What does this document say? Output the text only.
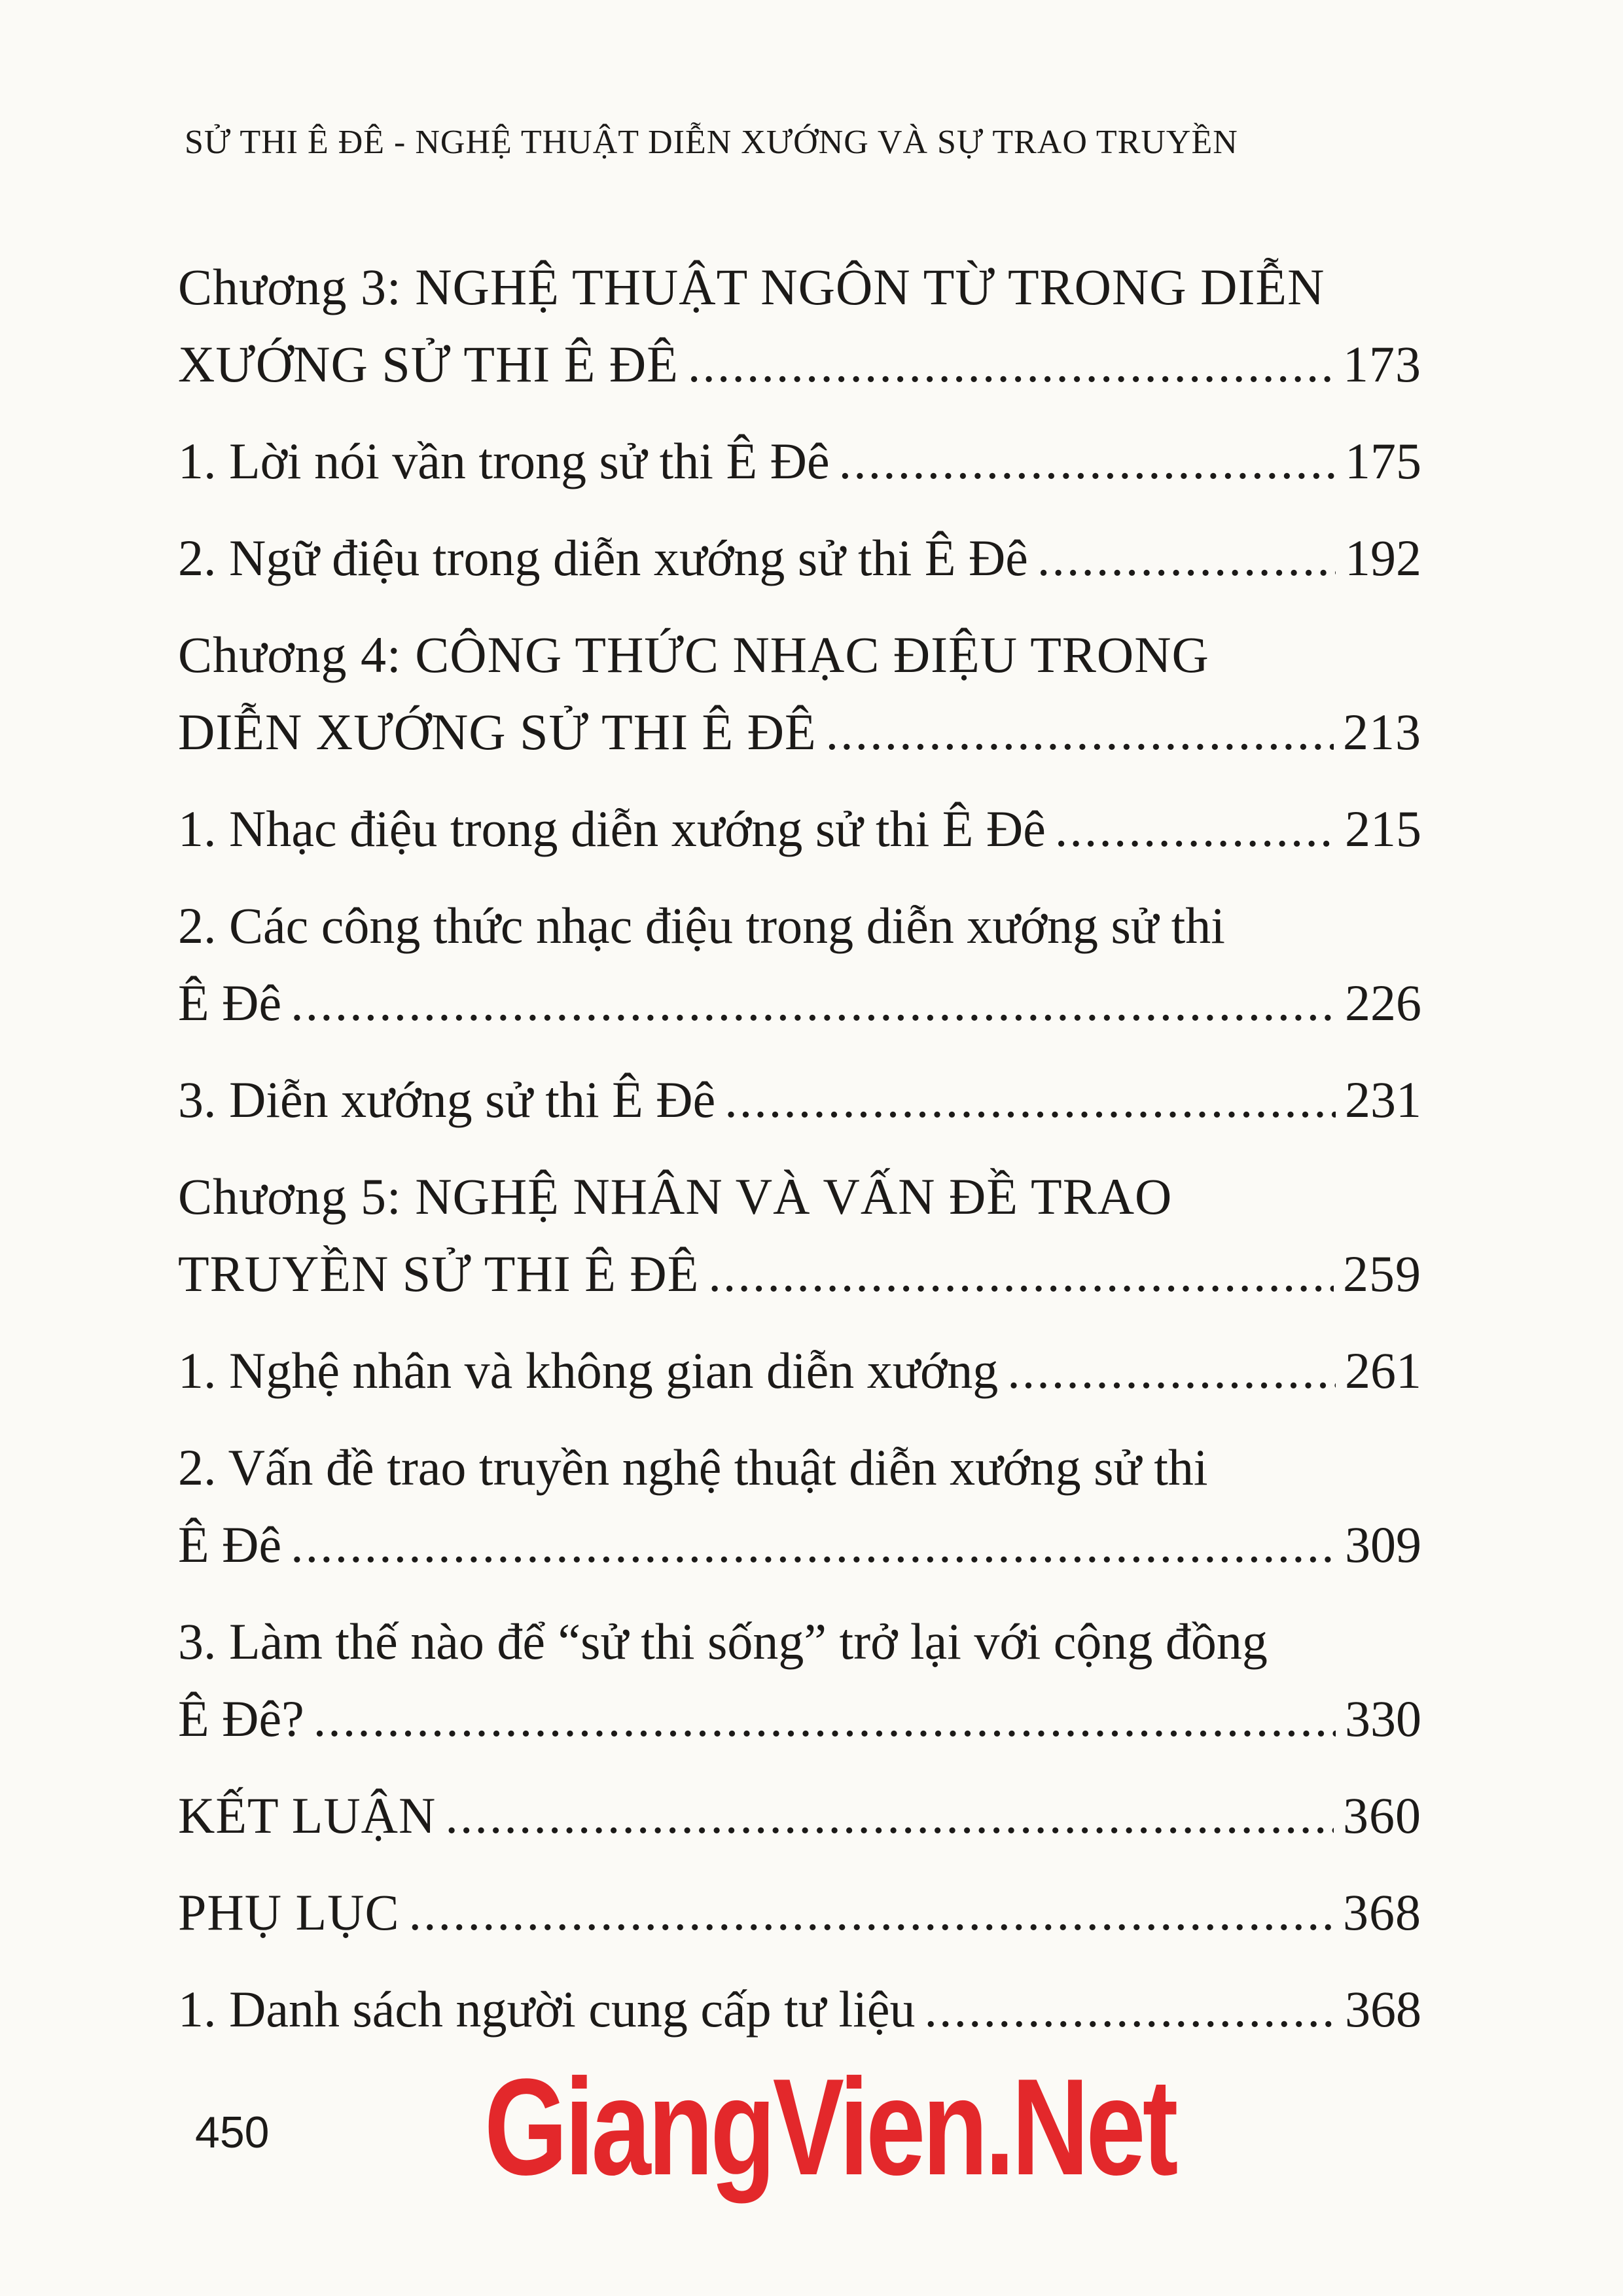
SỬ THI Ê ĐÊ - NGHỆ THUẬT DIỄN XƯỚNG VÀ SỰ TRAO TRUYỀN
Chương 3: NGHỆ THUẬT NGÔN TỪ TRONG DIỄN
XƯỚNG SỬ THI Ê ĐÊ .....	173
1. Lời nói vần trong sử thi Ê Đê .....	175
2. Ngữ điệu trong diễn xướng sử thi Ê Đê .....	192
Chương 4: CÔNG THỨC NHẠC ĐIỆU TRONG
DIỄN XƯỚNG SỬ THI Ê ĐÊ .....	213
1. Nhạc điệu trong diễn xướng sử thi Ê Đê .....	215
2. Các công thức nhạc điệu trong diễn xướng sử thi
Ê Đê .....	226
3. Diễn xướng sử thi Ê Đê .....	231
Chương 5: NGHỆ NHÂN VÀ VẤN ĐỀ TRAO
TRUYỀN SỬ THI Ê ĐÊ .....	259
1. Nghệ nhân và không gian diễn xướng .....	261
2. Vấn đề trao truyền nghệ thuật diễn xướng sử thi
Ê Đê .....	309
3. Làm thế nào để “sử thi sống” trở lại với cộng đồng
Ê Đê? .....	330
KẾT LUẬN .....	360
PHỤ LỤC .....	368
1. Danh sách người cung cấp tư liệu .....	368
450 GiangVien.Net
